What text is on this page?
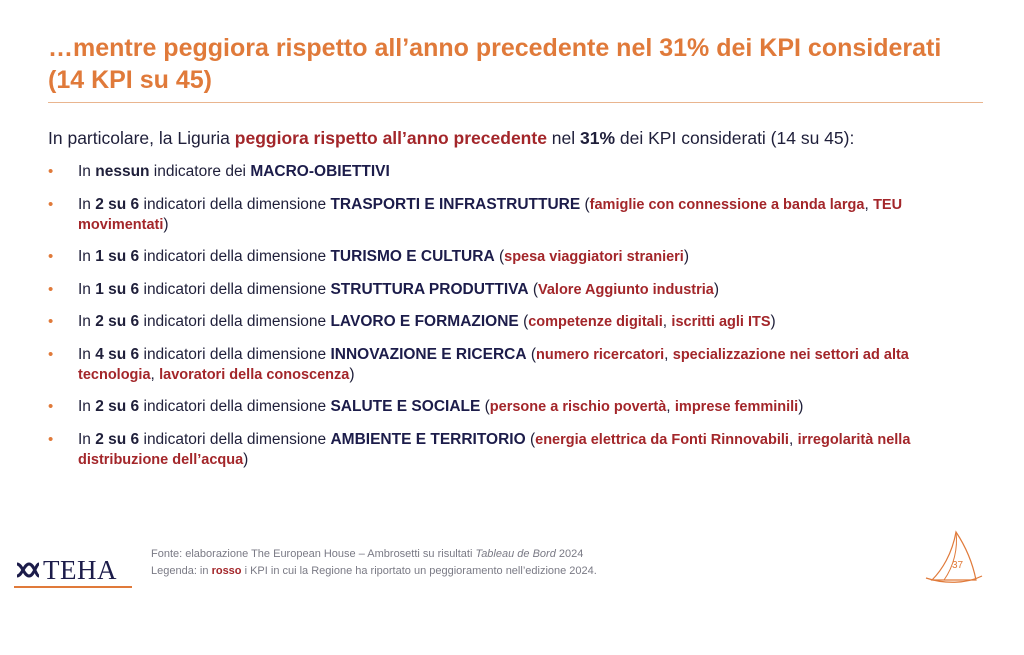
…mentre peggiora rispetto all’anno precedente nel 31% dei KPI considerati (14 KPI su 45)

In particolare, la Liguria peggiora rispetto all’anno precedente nel 31% dei KPI considerati (14 su 45):

• In nessun indicatore dei MACRO-OBIETTIVI
• In 2 su 6 indicatori della dimensione TRASPORTI E INFRASTRUTTURE (famiglie con connessione a banda larga, TEU movimentati)
• In 1 su 6 indicatori della dimensione TURISMO E CULTURA (spesa viaggiatori stranieri)
• In 1 su 6 indicatori della dimensione STRUTTURA PRODUTTIVA (Valore Aggiunto industria)
• In 2 su 6 indicatori della dimensione LAVORO E FORMAZIONE (competenze digitali, iscritti agli ITS)
• In 4 su 6 indicatori della dimensione INNOVAZIONE E RICERCA (numero ricercatori, specializzazione nei settori ad alta tecnologia, lavoratori della conoscenza)
• In 2 su 6 indicatori della dimensione SALUTE E SOCIALE (persone a rischio povertà, imprese femminili)
• In 2 su 6 indicatori della dimensione AMBIENTE E TERRITORIO (energia elettrica da Fonti Rinnovabili, irregolarità nella distribuzione dell’acqua)
TEHA
Fonte: elaborazione The European House – Ambrosetti su risultati Tableau de Bord 2024
Legenda: in rosso i KPI in cui la Regione ha riportato un peggioramento nell’edizione 2024.	37
